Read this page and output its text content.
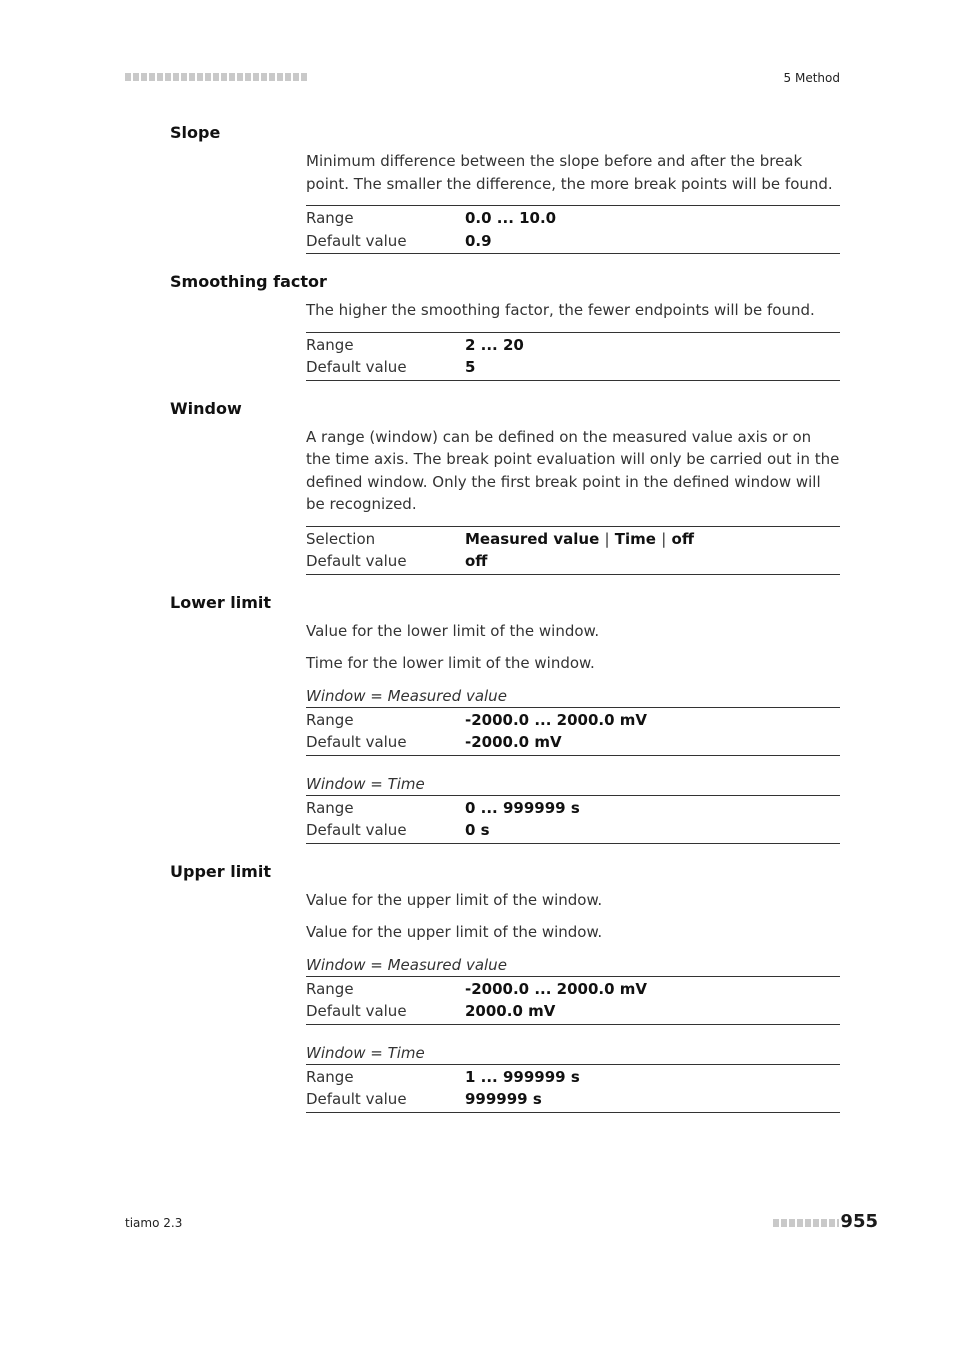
5 Method
Slope
Minimum difference between the slope before and after the break point. The smaller the difference, the more break points will be found.
Range	0.0 ... 10.0
Default value	0.9
Smoothing factor
The higher the smoothing factor, the fewer endpoints will be found.
Range	2 ... 20
Default value	5
Window
A range (window) can be defined on the measured value axis or on the time axis. The break point evaluation will only be carried out in the defined window. Only the first break point in the defined window will be recognized.
Selection	Measured value | Time | off
Default value	off
Lower limit
Value for the lower limit of the window.
Time for the lower limit of the window.
Window = Measured value
Range	-2000.0 ... 2000.0 mV
Default value	-2000.0 mV
Window = Time
Range	0 ... 999999 s
Default value	0 s
Upper limit
Value for the upper limit of the window.
Value for the upper limit of the window.
Window = Measured value
Range	-2000.0 ... 2000.0 mV
Default value	2000.0 mV
Window = Time
Range	1 ... 999999 s
Default value	999999 s
tiamo 2.3	955
